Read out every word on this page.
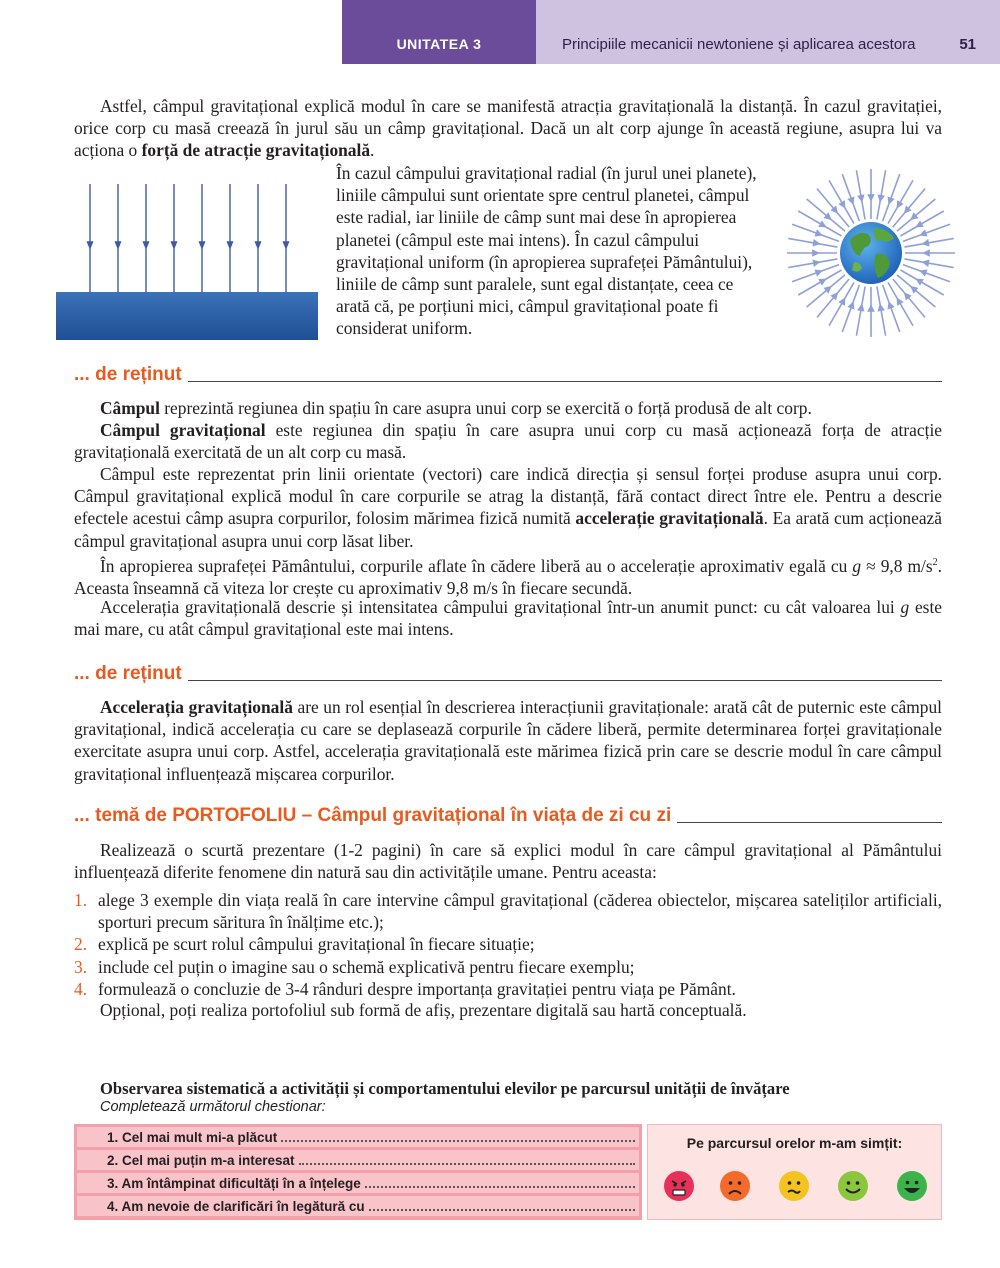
UNITATEA 3	Principiile mecanicii newtoniene și aplicarea acestora	51

Astfel, câmpul gravitațional explică modul în care se manifestă atracția gravitațională la distanță. În cazul gravitației, orice corp cu masă creează în jurul său un câmp gravitațional. Dacă un alt corp ajunge în această regiune, asupra lui va acționa o forță de atracție gravitațională.

În cazul câmpului gravitațional radial (în jurul unei planete), liniile câmpului sunt orientate spre centrul planetei, câmpul este radial, iar liniile de câmp sunt mai dese în apropierea planetei (câmpul este mai intens). În cazul câmpului gravitațional uniform (în apropierea suprafeței Pământului), liniile de câmp sunt paralele, sunt egal distanțate, ceea ce arată că, pe porțiuni mici, câmpul gravitațional poate fi considerat uniform.

... de reținut

Câmpul reprezintă regiunea din spațiu în care asupra unui corp se exercită o forță produsă de alt corp.

Câmpul gravitațional este regiunea din spațiu în care asupra unui corp cu masă acționează forța de atracție gravitațională exercitată de un alt corp cu masă.

Câmpul este reprezentat prin linii orientate (vectori) care indică direcția și sensul forței produse asupra unui corp. Câmpul gravitațional explică modul în care corpurile se atrag la distanță, fără contact direct între ele. Pentru a descrie efectele acestui câmp asupra corpurilor, folosim mărimea fizică numită accelerație gravitațională. Ea arată cum acționează câmpul gravitațional asupra unui corp lăsat liber.

În apropierea suprafeței Pământului, corpurile aflate în cădere liberă au o accelerație aproximativ egală cu g ≈ 9,8 $m/s^2$. Aceasta înseamnă că viteza lor crește cu aproximativ 9,8 m/s în fiecare secundă.

Accelerația gravitațională descrie și intensitatea câmpului gravitațional într-un anumit punct: cu cât valoarea lui g este mai mare, cu atât câmpul gravitațional este mai intens.

... de reținut

Accelerația gravitațională are un rol esențial în descrierea interacțiunii gravitaționale: arată cât de puternic este câmpul gravitațional, indică accelerația cu care se deplasează corpurile în cădere liberă, permite determinarea forței gravitaționale exercitate asupra unui corp. Astfel, accelerația gravitațională este mărimea fizică prin care se descrie modul în care câmpul gravitațional influențează mișcarea corpurilor.

... temă de PORTOFOLIU – Câmpul gravitațional în viața de zi cu zi

Realizează o scurtă prezentare (1-2 pagini) în care să explici modul în care câmpul gravitațional al Pământului influențează diferite fenomene din natură sau din activitățile umane. Pentru aceasta:

1. alege 3 exemple din viața reală în care intervine câmpul gravitațional (căderea obiectelor, mișcarea sateliților artificiali, sporturi precum săritura în înălțime etc.);
2. explică pe scurt rolul câmpului gravitațional în fiecare situație;
3. include cel puțin o imagine sau o schemă explicativă pentru fiecare exemplu;
4. formulează o concluzie de 3-4 rânduri despre importanța gravitației pentru viața pe Pământ.

Opțional, poți realiza portofoliul sub formă de afiș, prezentare digitală sau hartă conceptuală.

Observarea sistematică a activității și comportamentului elevilor pe parcursul unității de învățare
Completează următorul chestionar:
1. Cel mai mult mi-a plăcut
2. Cel mai puțin m-a interesat
3. Am întâmpinat dificultăți în a înțelege
4. Am nevoie de clarificări în legătură cu
Pe parcursul orelor m-am simțit:
